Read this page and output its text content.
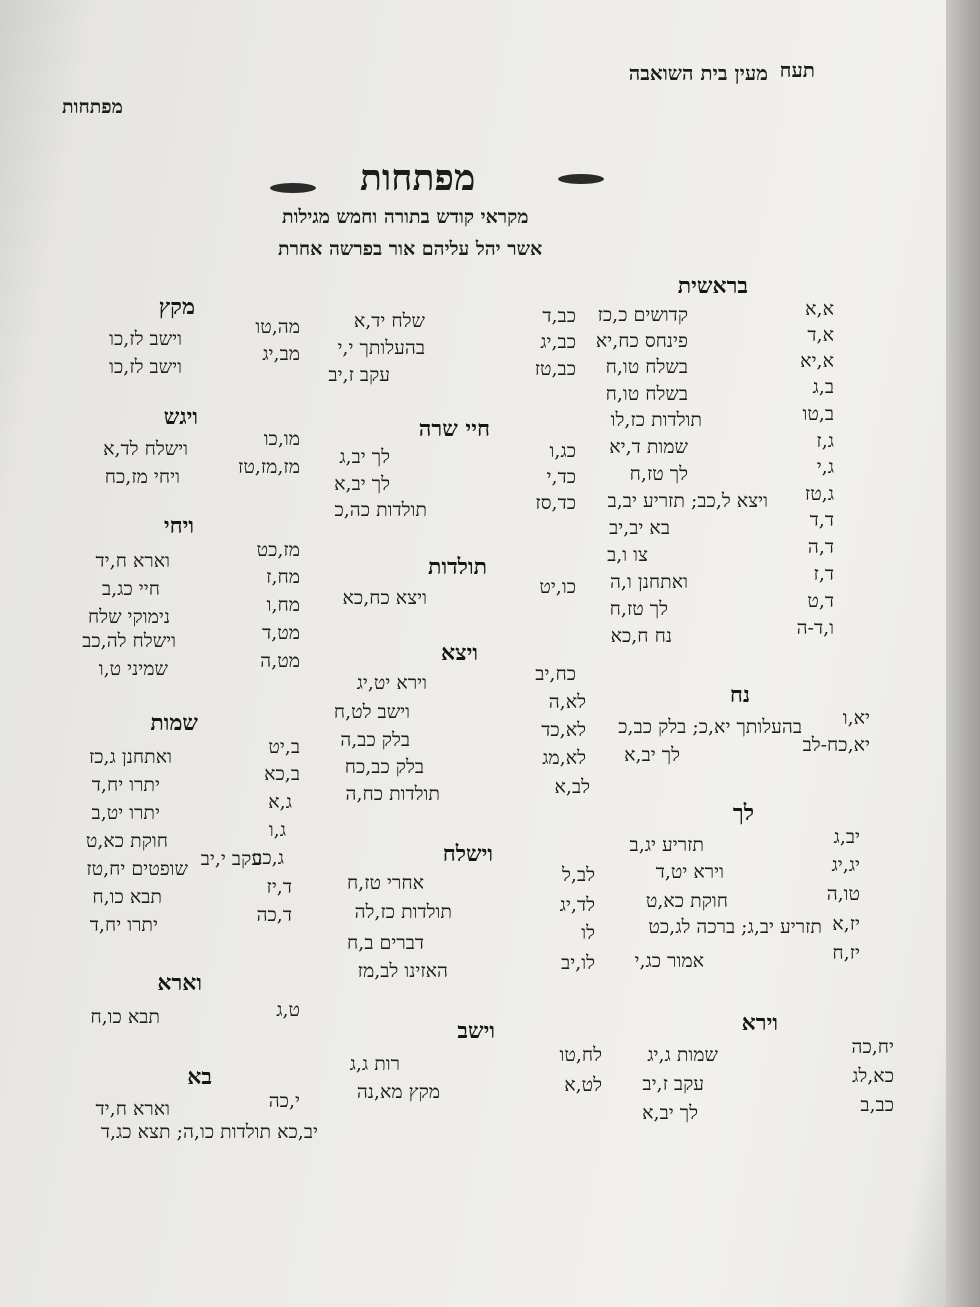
תעח
מעין בית השואבה
מפתחות
מפתחות
מקראי קודש בתורה וחמש מגילות
אשר יהל עליהם אור בפרשה אחרת
בראשית
א,א
קדושים כ,כז
כב,ד
א,ד
פינחס כח,יא
כב,יג
א,יא
בשלח טו,ח
כב,טז
ב,ג
בשלח טו,ח
ב,טו
תולדות כז,לו
ג,ז
שמות ד,יא
כג,ו
ג,י
לך טז,ח
כד,י
ג,טז
ויצא ל,כב; תזריע יב,ב
כד,סז
ד,ד
בא יב,יב
ד,ה
צו ו,ב
ד,ז
ואתחנן ו,ה
כו,יט
ד,ט
לך טז,ח
ו,ד-ה
נח ח,כא
כח,יב
נח
לא,ה
יא,ו
בהעלותך יא,כ; בלק כב,כ
לא,כד
יא,כח-לב
לך יב,א
לא,מג
לב,א
לך
יב,ג
תזריע יג,ב
יג,יג
וירא יט,ד
לב,ל
טו,ה
חוקת כא,ט
לד,יג
יז,א
תזריע יב,ג; ברכה לג,כט
לו
יז,ח
אמור כג,י
לו,יב
וירא
יח,כה
שמות ג,יג
לח,טו
כא,לג
עקב ז,יב
לט,א
כב,ב
לך יב,א
שלח יד,א
בהעלותך י,י
עקב ז,יב
חיי שרה
לך יב,ג
לך יב,א
תולדות כה,כ
תולדות
ויצא כח,כא
ויצא
וירא יט,יג
וישב לט,ח
בלק כב,ה
בלק כב,כח
תולדות כח,ה
וישלח
אחרי טז,ח
תולדות כז,לה
דברים ב,ח
האזינו לב,מז
וישב
רות ג,ג
מקץ מא,נה
מה,טו
מב,יג
מו,כו
מז,מז,טז
מז,כט
מח,ז
מח,ו
מט,ד
מט,ה
ב,יט
ב,כא
ג,א
ג,ו
ג,כב
עקב י,יב
ד,יז
ד,כה
ט,ג
י,כה
יב,כא תולדות כו,ה; תצא כג,ד
מקץ
וישב לז,כו
וישב לז,כו
ויגש
וישלח לד,א
ויחי מז,כח
ויחי
וארא ח,יד
חיי כג,ב
נימוקי שלח
וישלח לה,כב
שמיני ט,ו
שמות
ואתחנן ג,כז
יתרו יח,ד
יתרו יט,ב
חוקת כא,ט
שופטים יח,טז
תבא כו,ח
יתרו יח,ד
וארא
תבא כו,ח
בא
וארא ח,יד
